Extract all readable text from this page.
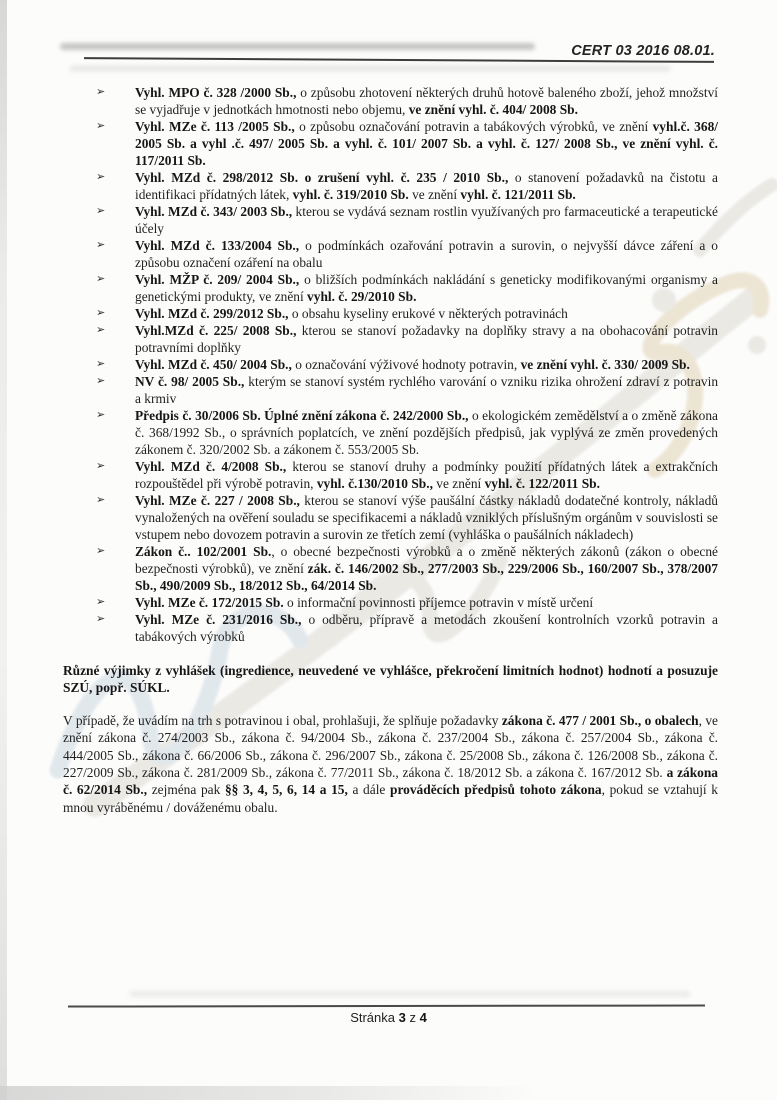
CERT 03 2016 08.01.
➢ Vyhl. MPO č. 328 /2000 Sb., o způsobu zhotovení některých druhů hotově baleného zboží, jehož množství se vyjadřuje v jednotkách hmotnosti nebo objemu, ve znění vyhl. č. 404/ 2008 Sb.
➢ Vyhl. MZe č. 113 /2005 Sb., o způsobu označování potravin a tabákových výrobků, ve znění vyhl.č. 368/ 2005 Sb. a vyhl .č. 497/ 2005 Sb. a vyhl. č. 101/ 2007 Sb. a vyhl. č. 127/ 2008 Sb., ve znění vyhl. č. 117/2011 Sb.
➢ Vyhl. MZd č. 298/2012 Sb. o zrušení vyhl. č. 235 / 2010 Sb., o stanovení požadavků na čistotu a identifikaci přídatných látek, vyhl. č. 319/2010 Sb. ve znění vyhl. č. 121/2011 Sb.
➢ Vyhl. MZd č. 343/ 2003 Sb., kterou se vydává seznam rostlin využívaných pro farmaceutické a terapeutické účely
➢ Vyhl. MZd č. 133/2004 Sb., o podmínkách ozařování potravin a surovin, o nejvyšší dávce záření a o způsobu označení ozáření na obalu
➢ Vyhl. MŽP č. 209/ 2004 Sb., o bližších podmínkách nakládání s geneticky modifikovanými organismy a genetickými produkty, ve znění vyhl. č. 29/2010 Sb.
➢ Vyhl. MZd č. 299/2012 Sb., o obsahu kyseliny erukové v některých potravinách
➢ Vyhl.MZd č. 225/ 2008 Sb., kterou se stanoví požadavky na doplňky stravy a na obohacování potravin potravními doplňky
➢ Vyhl. MZd č. 450/ 2004 Sb., o označování výživové hodnoty potravin, ve znění vyhl. č. 330/ 2009 Sb.
➢ NV č. 98/ 2005 Sb., kterým se stanoví systém rychlého varování o vzniku rizika ohrožení zdraví z potravin a krmiv
➢ Předpis č. 30/2006 Sb. Úplné znění zákona č. 242/2000 Sb., o ekologickém zemědělství a o změně zákona č. 368/1992 Sb., o správních poplatcích, ve znění pozdějších předpisů, jak vyplývá ze změn provedených zákonem č. 320/2002 Sb. a zákonem č. 553/2005 Sb.
➢ Vyhl. MZd č. 4/2008 Sb., kterou se stanoví druhy a podmínky použití přídatných látek a extrakčních rozpouštědel při výrobě potravin, vyhl. č.130/2010 Sb., ve znění vyhl. č. 122/2011 Sb.
➢ Vyhl. MZe č. 227 / 2008 Sb., kterou se stanoví výše paušální částky nákladů dodatečné kontroly, nákladů vynaložených na ověření souladu se specifikacemi a nákladů vzniklých příslušným orgánům v souvislosti se vstupem nebo dovozem potravin a surovin ze třetích zemí (vyhláška o paušálních nákladech)
➢ Zákon č.. 102/2001 Sb., o obecné bezpečnosti výrobků a o změně některých zákonů (zákon o obecné bezpečnosti výrobků), ve znění zák. č. 146/2002 Sb., 277/2003 Sb., 229/2006 Sb., 160/2007 Sb., 378/2007 Sb., 490/2009 Sb., 18/2012 Sb., 64/2014 Sb.
➢ Vyhl. MZe č. 172/2015 Sb. o informační povinnosti příjemce potravin v místě určení
➢ Vyhl. MZe č. 231/2016 Sb., o odběru, přípravě a metodách zkoušení kontrolních vzorků potravin a tabákových výrobků
Různé výjimky z vyhlášek (ingredience, neuvedené ve vyhlášce, překročení limitních hodnot) hodnotí a posuzuje SZÚ, popř. SÚKL.
V případě, že uvádím na trh s potravinou i obal, prohlašuji, že splňuje požadavky zákona č. 477 / 2001 Sb., o obalech, ve znění zákona č. 274/2003 Sb., zákona č. 94/2004 Sb., zákona č. 237/2004 Sb., zákona č. 257/2004 Sb., zákona č. 444/2005 Sb., zákona č. 66/2006 Sb., zákona č. 296/2007 Sb., zákona č. 25/2008 Sb., zákona č. 126/2008 Sb., zákona č. 227/2009 Sb., zákona č. 281/2009 Sb., zákona č. 77/2011 Sb., zákona č. 18/2012 Sb. a zákona č. 167/2012 Sb. a zákona č. 62/2014 Sb., zejména pak §§ 3, 4, 5, 6, 14 a 15, a dále prováděcích předpisů tohoto zákona, pokud se vztahují k mnou vyráběnému / dováženému obalu.
Stránka 3 z 4
